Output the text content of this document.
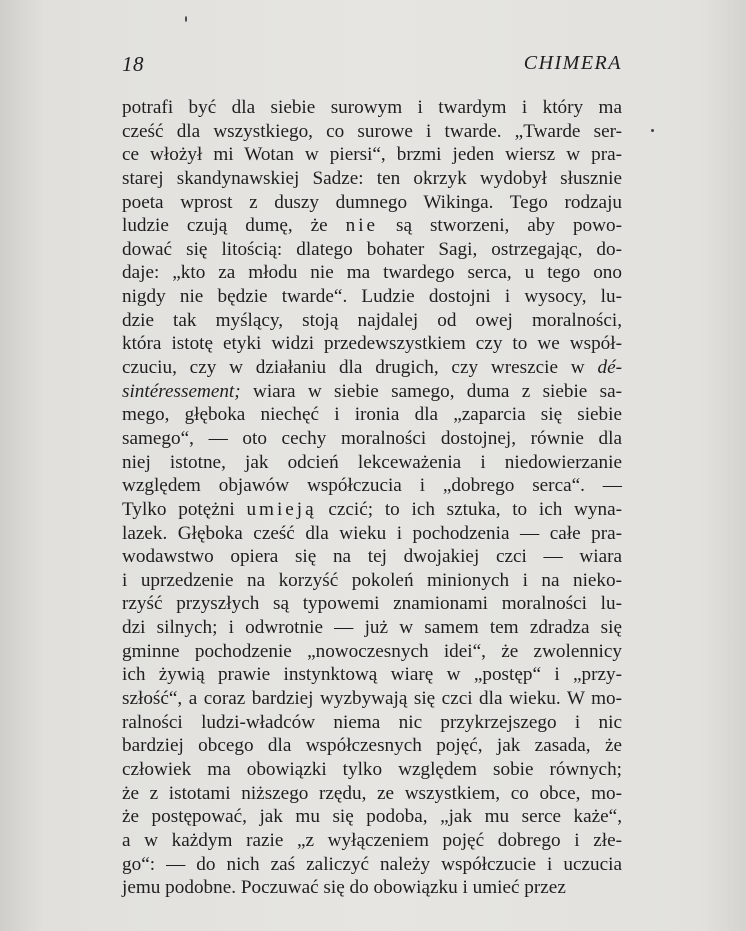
18	CHIMERA
potrafi być dla siebie surowym i twardym i który ma
cześć dla wszystkiego, co surowe i twarde. „Twarde ser-
ce włożył mi Wotan w piersi“, brzmi jeden wiersz w pra-
starej skandynawskiej Sadze: ten okrzyk wydobył słusznie
poeta wprost z duszy dumnego Wikinga. Tego rodzaju
ludzie czują dumę, że nie są stworzeni, aby powo-
dować się litością: dlatego bohater Sagi, ostrzegając, do-
daje: „kto za młodu nie ma twardego serca, u tego ono
nigdy nie będzie twarde“. Ludzie dostojni i wysocy, lu-
dzie tak myślący, stoją najdalej od owej moralności,
która istotę etyki widzi przedewszystkiem czy to we współ-
czuciu, czy w działaniu dla drugich, czy wreszcie w dé-
sintéressement; wiara w siebie samego, duma z siebie sa-
mego, głęboka niechęć i ironia dla „zaparcia się siebie
samego“, — oto cechy moralności dostojnej, równie dla
niej istotne, jak odcień lekceważenia i niedowierzanie
względem objawów współczucia i „dobrego serca“. —
Tylko potężni umieją czcić; to ich sztuka, to ich wyna-
lazek. Głęboka cześć dla wieku i pochodzenia — całe pra-
wodawstwo opiera się na tej dwojakiej czci — wiara
i uprzedzenie na korzyść pokoleń minionych i na nieko-
rzyść przyszłych są typowemi znamionami moralności lu-
dzi silnych; i odwrotnie — już w samem tem zdradza się
gminne pochodzenie „nowoczesnych idei“, że zwolennicy
ich żywią prawie instynktową wiarę w „postęp“ i „przy-
szłość“, a coraz bardziej wyzbywają się czci dla wieku. W mo-
ralności ludzi-władców niema nic przykrzejszego i nic
bardziej obcego dla współczesnych pojęć, jak zasada, że
człowiek ma obowiązki tylko względem sobie równych;
że z istotami niższego rzędu, ze wszystkiem, co obce, mo-
że postępować, jak mu się podoba, „jak mu serce każe“,
a w każdym razie „z wyłączeniem pojęć dobrego i złe-
go“: — do nich zaś zaliczyć należy współczucie i uczucia
jemu podobne. Poczuwać się do obowiązku i umieć przez
